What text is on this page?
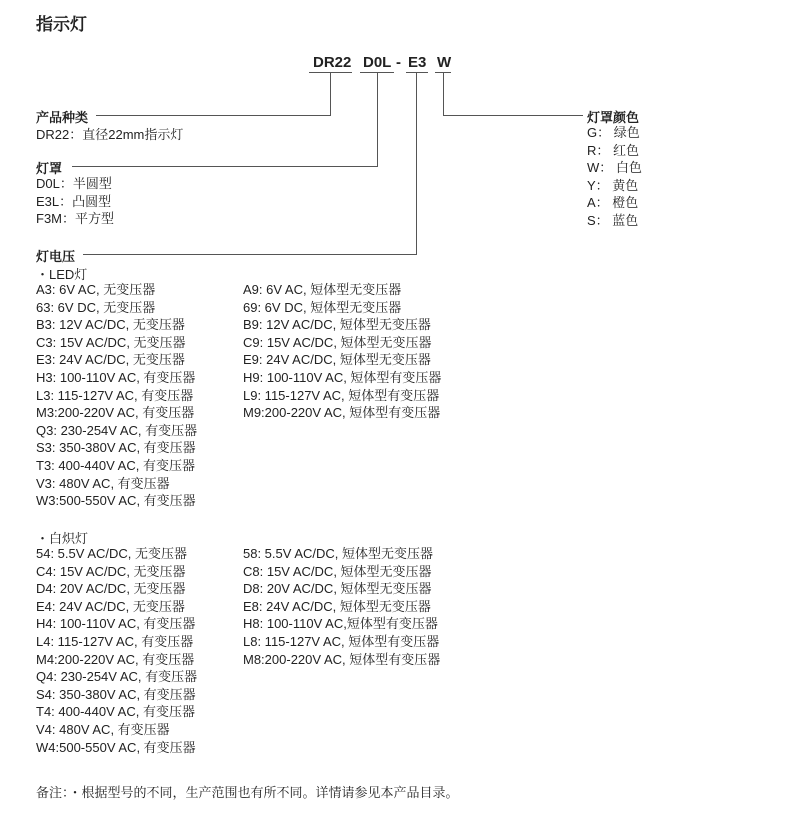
指示灯
DR22 D0L - E3 W
产品种类
DR22：直径22mm指示灯
灯罩
D0L：半圆型
E3L：凸圆型
F3M：平方型
灯罩颜色
G： 绿色
R： 红色
W： 白色
Y： 黄色
A： 橙色
S： 蓝色
灯电压
・LED灯
A3: 6V AC, 无变压器
63: 6V DC, 无变压器
B3: 12V AC/DC, 无变压器
C3: 15V AC/DC, 无变压器
E3: 24V AC/DC, 无变压器
H3: 100-110V AC, 有变压器
L3: 115-127V AC, 有变压器
M3:200-220V AC, 有变压器
Q3: 230-254V AC, 有变压器
S3: 350-380V AC, 有变压器
T3: 400-440V AC, 有变压器
V3: 480V AC, 有变压器
W3:500-550V AC, 有变压器
A9: 6V AC, 短体型无变压器
69: 6V DC, 短体型无变压器
B9: 12V AC/DC, 短体型无变压器
C9: 15V AC/DC, 短体型无变压器
E9: 24V AC/DC, 短体型无变压器
H9: 100-110V AC, 短体型有变压器
L9: 115-127V AC, 短体型有变压器
M9:200-220V AC, 短体型有变压器
・白炽灯
54: 5.5V AC/DC, 无变压器
C4: 15V AC/DC, 无变压器
D4: 20V AC/DC, 无变压器
E4: 24V AC/DC, 无变压器
H4: 100-110V AC, 有变压器
L4: 115-127V AC, 有变压器
M4:200-220V AC, 有变压器
Q4: 230-254V AC, 有变压器
S4: 350-380V AC, 有变压器
T4: 400-440V AC, 有变压器
V4: 480V AC, 有变压器
W4:500-550V AC, 有变压器
58: 5.5V AC/DC, 短体型无变压器
C8: 15V AC/DC, 短体型无变压器
D8: 20V AC/DC, 短体型无变压器
E8: 24V AC/DC, 短体型无变压器
H8: 100-110V AC,短体型有变压器
L8: 115-127V AC, 短体型有变压器
M8:200-220V AC, 短体型有变压器
备注：・根据型号的不同，生产范围也有所不同。详情请参见本产品目录。
